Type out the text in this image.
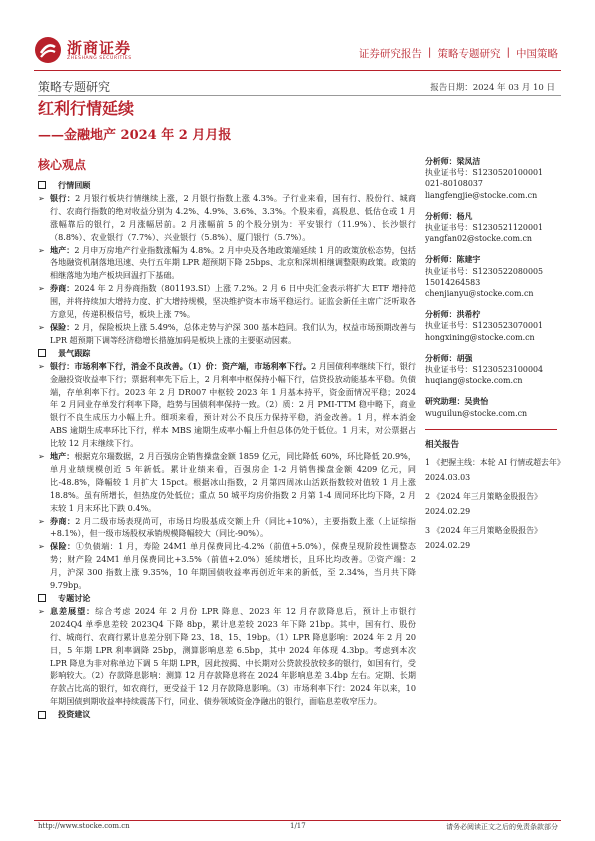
浙商证券
ZHESHANG SECURITIES	证券研究报告 | 策略专题研究 | 中国策略
策略专题研究	报告日期：2024 年 03 月 10 日
红利行情延续
——金融地产 2024 年 2 月月报
核心观点
行情回顾

➢ 银行：2 月银行板块行情继续上涨，2 月银行指数上涨 4.3%。子行业来看，国有行、股份行、城商行、农商行指数的绝对收益分别为 4.2%、4.9%、3.6%、3.3%。个股来看，高股息、低估仓或 1 月涨幅靠后的银行，2 月涨幅居前。2 月涨幅前 5 的个股分别为：平安银行（11.9%）、长沙银行（8.8%）、农业银行（7.7%）、兴业银行（5.8%）、厦门银行（5.7%）。

➢ 地产：2 月申万房地产行业指数涨幅为 4.8%。2 月中央及各地政策端延续 1 月的政策放松态势，包括各地融资机制落地迅速、央行五年期 LPR 超预期下降 25bps、北京和深圳相继调整限购政策。政策的相继落地为地产板块回温打下基础。

➢ 券商：2024 年 2 月券商指数（801193.SI）上涨 7.2%。2 月 6 日中央汇金表示将扩大 ETF 增持范围，并将持续加大增持力度、扩大增持规模，坚决维护资本市场平稳运行。证监会新任主席广泛听取各方意见，传递积极信号，板块上涨 7%。

➢ 保险：2 月，保险板块上涨 5.49%，总体走势与沪深 300 基本趋同。我们认为，权益市场预期改善与 LPR 超预期下调等经济稳增长措施加码是板块上涨的主要驱动因素。

景气跟踪

➢ 银行：市场利率下行，消金不良改善。（1）价：资产端，市场利率下行。2 月国债利率继续下行，银行金融投资收益率下行；票据利率先下后上，2 月利率中枢保持小幅下行，信贷投放动能基本平稳。负债端，存单利率下行。2023 年 2 月 DR007 中枢较 2023 年 1 月基本持平，资金面情况平稳；2024 年 2 月同业存单发行利率下降，趋势与国债利率保持一致。（2）质：2 月 PMI-TTM 稳中略下，商业银行不良生成压力小幅上升。细项来看，预计对公不良压力保持平稳，消金改善。1 月，样本消金 ABS 逾期生成率环比下行，样本 MBS 逾期生成率小幅上升但总体仍处于低位。1 月末，对公票据占比较 12 月末继续下行。

➢ 地产：根据克尔瑞数据，2 月百强房企销售操盘金额 1859 亿元，同比降低 60%，环比降低 20.9%，单月业绩规模创近 5 年新低。累计业绩来看，百强房企 1-2 月销售操盘金额 4209 亿元，同比-48.8%，降幅较 1 月扩大 15pct。根据冰山指数，2 月第四周冰山活跃指数较对值较 1 月上涨 18.8%。虽有所增长，但热度仍处低位；重点 50 城平均房价指数 2 月第 1-4 周同环比均下降，2 月末较 1 月末环比下跌 0.4%。

➢ 券商：2 月二级市场表现尚可，市场日均股基成交额上升（同比+10%），主要指数上涨（上证综指+8.1%），但一级市场股权承销规模降幅较大（同比-90%）。

➢ 保险：①负债端：1 月，寿险 24M1 单月保费同比-4.2%（前值+5.0%），保费呈现阶段性调整态势；财产险 24M1 单月保费同比+3.5%（前值+2.0%）延续增长，且环比均改善。②资产端：2 月，沪深 300 指数上涨 9.35%，10 年期国债收益率再创近年来的新低，至 2.34%，当月共下降 9.79bp。

专题讨论

➢ 息差展望：综合考虑 2024 年 2 月份 LPR 降息、2023 年 12 月存款降息后，预计上市银行 2024Q4 单季息差较 2023Q4 下降 8bp，累计息差较 2023 年下降 21bp。其中，国有行、股份行、城商行、农商行累计息差分别下降 23、18、15、19bp。（1）LPR 降息影响：2024 年 2 月 20 日，5 年期 LPR 利率调降 25bp，测算影响息差 6.5bp，其中 2024 年体现 4.3bp。考虑到本次 LPR 降息为非对称单边下调 5 年期 LPR，因此按揭、中长期对公贷款投放较多的银行，如国有行，受影响较大。（2）存款降息影响：测算 12 月存款降息将在 2024 年影响息差 3.4bp 左右。定期、长期存款占比高的银行，如农商行，更受益于 12 月存款降息影响。（3）市场利率下行：2024 年以来，10 年期国债到期收益率持续震荡下行，同业、债券领域资金净融出的银行，面临息差收窄压力。

投资建议
分析师：梁凤洁
执业证书号：S1230520100001
021-80108037
liangfengjie@stocke.com.cn
分析师：杨凡
执业证书号：S1230521120001
yangfan02@stocke.com.cn
分析师：陈建宇
执业证书号：S1230522080005
15014264583
chenjianyu@stocke.com.cn
分析师：洪希柠
执业证书号：S1230523070001
hongxining@stocke.com.cn
分析师：胡强
执业证书号：S1230523100004
huqiang@stocke.com.cn
研究助理：吴贵怡
wuguilun@stocke.com.cn
相关报告
1 《把握主线：本轮 AI 行情或超去年》 2024.03.03
2 《2024 年三月策略金股报告》 2024.02.29
3 《2024 年三月策略金股报告》 2024.02.29
http://www.stocke.com.cn	1/17	请务必阅读正文之后的免责条款部分
